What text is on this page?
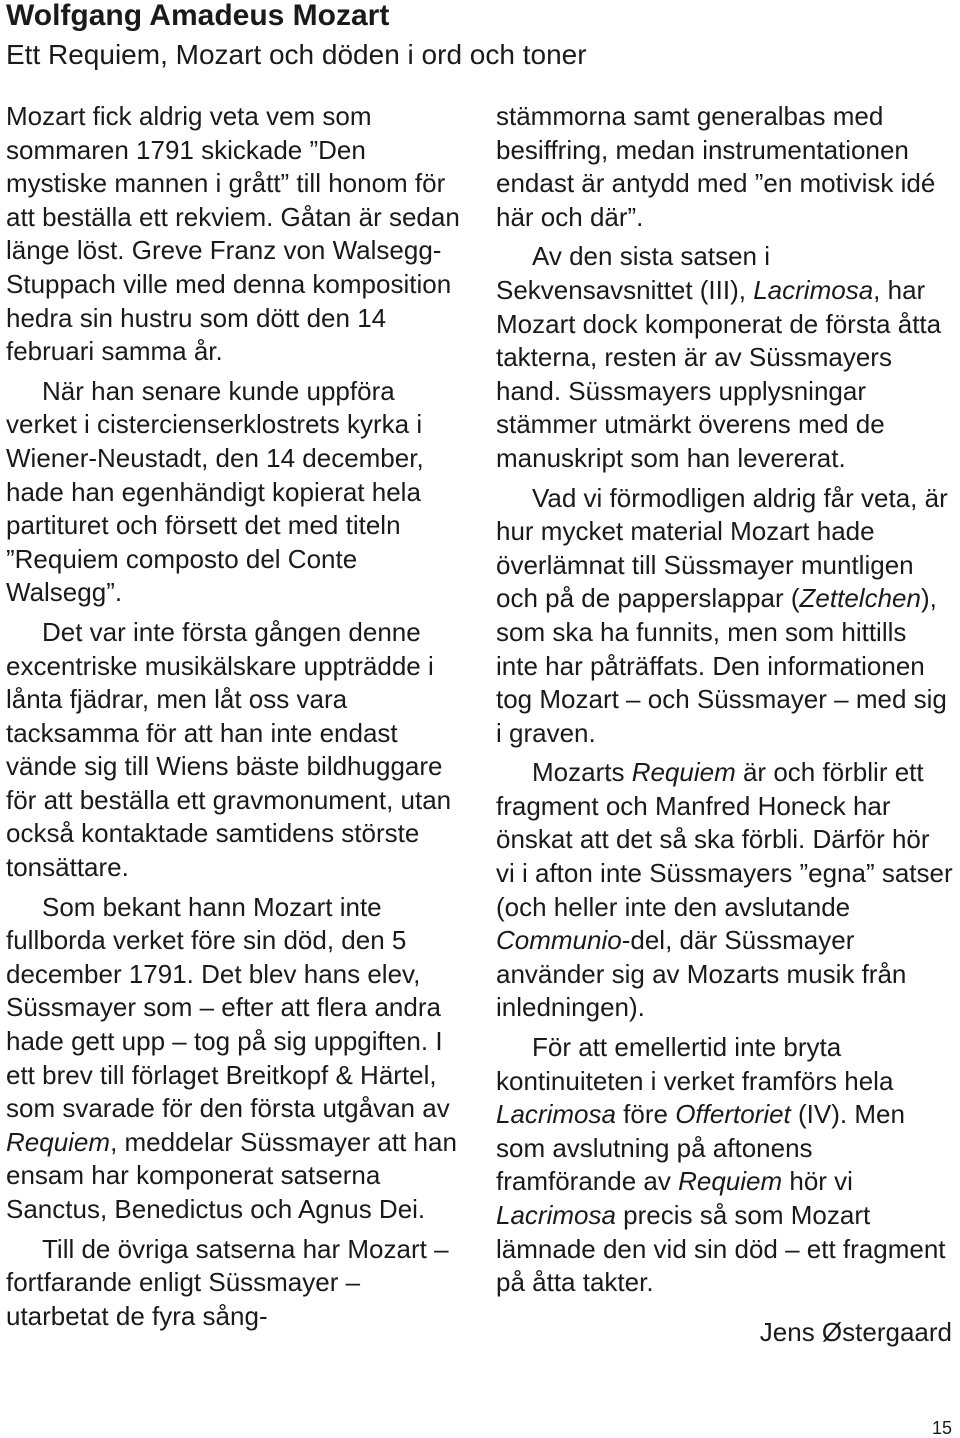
Wolfgang Amadeus Mozart
Ett Requiem, Mozart och döden i ord och toner

Mozart fick aldrig veta vem som sommaren 1791 skickade ”Den mystiske mannen i grått” till honom för att beställa ett rekviem. Gåtan är sedan länge löst. Greve Franz von Walsegg-Stuppach ville med denna komposition hedra sin hustru som dött den 14 februari samma år.

När han senare kunde uppföra verket i cistercienserklostrets kyrka i Wiener-Neustadt, den 14 december, hade han egenhändigt kopierat hela partituret och försett det med titeln ”Requiem composto del Conte Walsegg”.

Det var inte första gången denne excentriske musikälskare uppträdde i lånta fjädrar, men låt oss vara tacksamma för att han inte endast vände sig till Wiens bäste bildhuggare för att beställa ett gravmonument, utan också kontaktade samtidens störste tonsättare.

Som bekant hann Mozart inte fullborda verket före sin död, den 5 december 1791. Det blev hans elev, Süssmayer som – efter att flera andra hade gett upp – tog på sig uppgiften. I ett brev till förlaget Breitkopf & Härtel, som svarade för den första utgåvan av Requiem, meddelar Süssmayer att han ensam har komponerat satserna Sanctus, Benedictus och Agnus Dei.

Till de övriga satserna har Mozart – fortfarande enligt Süssmayer – utarbetat de fyra sång-

stämmorna samt generalbas med besiffring, medan instrumentationen endast är antydd med ”en motivisk idé här och där”.

Av den sista satsen i Sekvensavsnittet (III), Lacrimosa, har Mozart dock komponerat de första åtta takterna, resten är av Süssmayers hand. Süssmayers upplysningar stämmer utmärkt överens med de manuskript som han levererat.

Vad vi förmodligen aldrig får veta, är hur mycket material Mozart hade överlämnat till Süssmayer muntligen och på de papperslappar (Zettelchen), som ska ha funnits, men som hittills inte har påträffats. Den informationen tog Mozart – och Süssmayer – med sig i graven.

Mozarts Requiem är och förblir ett fragment och Manfred Honeck har önskat att det så ska förbli. Därför hör vi i afton inte Süssmayers ”egna” satser (och heller inte den avslutande Communio-del, där Süssmayer använder sig av Mozarts musik från inledningen).

För att emellertid inte bryta kontinuiteten i verket framförs hela Lacrimosa före Offertoriet (IV). Men som avslutning på aftonens framförande av Requiem hör vi Lacrimosa precis så som Mozart lämnade den vid sin död – ett fragment på åtta takter.

Jens Østergaard
15
